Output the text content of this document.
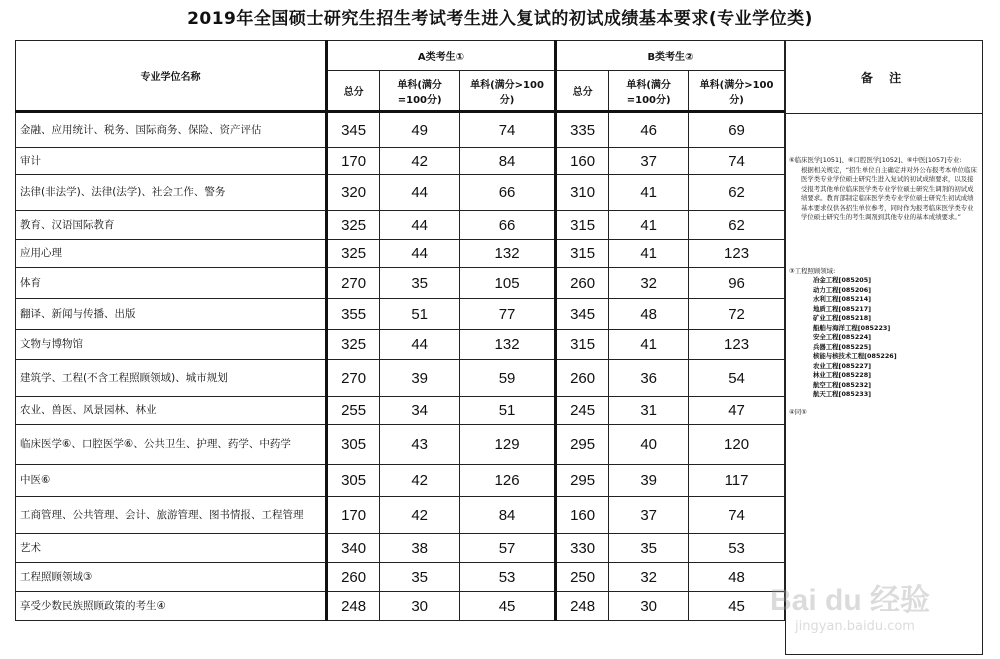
2019年全国硕士研究生招生考试考生进入复试的初试成绩基本要求(专业学位类)
专业学位名称	A类考生①			B类考生②		
	总分	单科(满分=100分)	单科(满分>100分)	总分	单科(满分=100分)	单科(满分>100分)
金融、应用统计、税务、国际商务、保险、资产评估	345	49	74	335	46	69
审计	170	42	84	160	37	74
法律(非法学)、法律(法学)、社会工作、警务	320	44	66	310	41	62
教育、汉语国际教育	325	44	66	315	41	62
应用心理	325	44	132	315	41	123
体育	270	35	105	260	32	96
翻译、新闻与传播、出版	355	51	77	345	48	72
文物与博物馆	325	44	132	315	41	123
建筑学、工程(不含工程照顾领域)、城市规划	270	39	59	260	36	54
农业、兽医、风景园林、林业	255	34	51	245	31	47
临床医学⑥、口腔医学⑥、公共卫生、护理、药学、中药学	305	43	129	295	40	120
中医⑥	305	42	126	295	39	117
工商管理、公共管理、会计、旅游管理、图书情报、工程管理	170	42	84	160	37	74
艺术	340	38	57	330	35	53
工程照顾领域③	260	35	53	250	32	48
享受少数民族照顾政策的考生④	248	30	45	248	30	45
备 注

⑥临床医学[1051]、⑥口腔医学[1052]、⑥中医[1057]专业:

根据相关规定，“招生单位自主确定并对外公布报考本单位临床医学类专业学位硕士研究生进入复试的初试成绩要求，以及接受报考其他单位临床医学类专业学位硕士研究生调剂的初试成绩要求。教育部制定临床医学类专业学位硕士研究生初试成绩基本要求仅供各招生单位参考，同时作为报考临床医学类专业学位硕士研究生的考生调剂到其他专业的基本成绩要求。”

③工程照顾领域:

冶金工程[085205]

动力工程[085206]

水利工程[085214]

地质工程[085217]

矿业工程[085218]

船舶与海洋工程[085223]

安全工程[085224]

兵器工程[085225]

核能与核技术工程[085226]

农业工程[085227]

林业工程[085228]

航空工程[085232]

航天工程[085233]

④同⑤

Bai du 经验
jingyan.baidu.com
